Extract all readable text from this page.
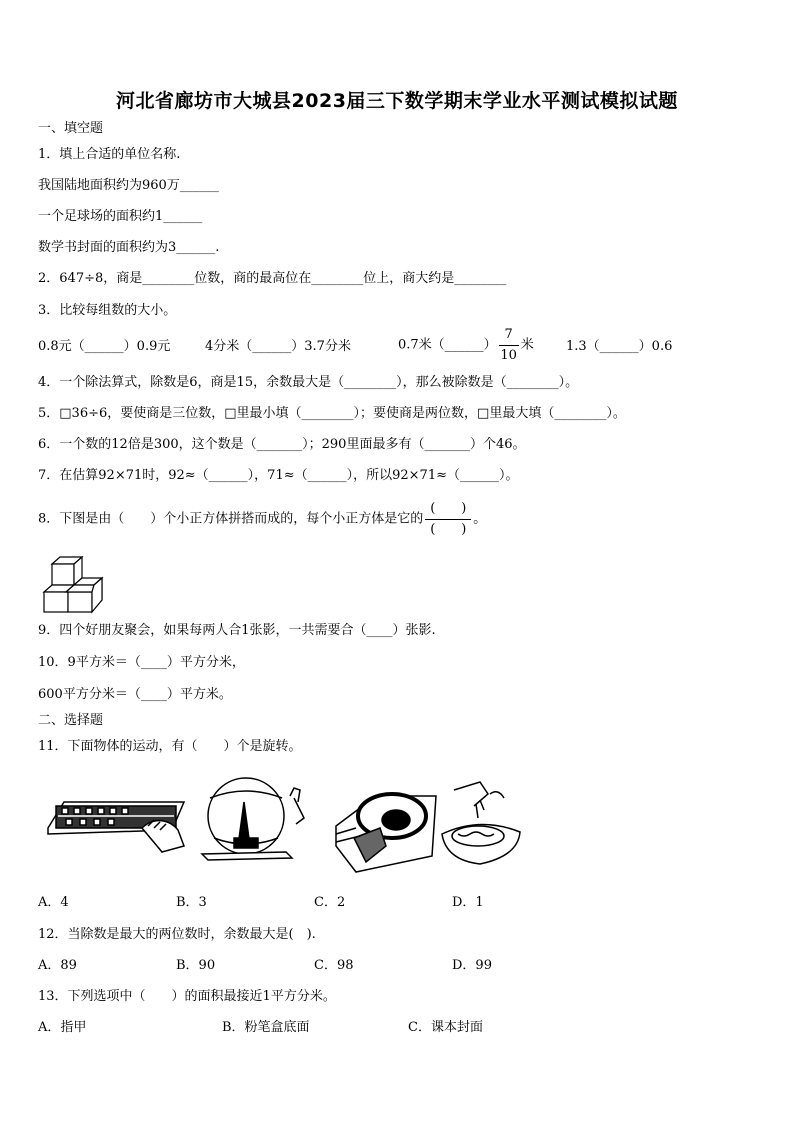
河北省廊坊市大城县2023届三下数学期末学业水平测试模拟试题
一、填空题
1．填上合适的单位名称.
我国陆地面积约为960万______
一个足球场的面积约1______
数学书封面的面积约为3______.
2．647÷8，商是________位数，商的最高位在________位上，商大约是________
3．比较每组数的大小。
0.8元（______）0.9元	4分米（______）3.7分米	0.7米（______） $\frac{7}{10}$ 米 1.3（______）0.6
4．一个除法算式，除数是6，商是15，余数最大是（________），那么被除数是（________）。
5．□36÷6，要使商是三位数，□里最小填（________）；要使商是两位数，□里最大填（________）。
6．一个数的12倍是300，这个数是（_______）；290里面最多有（_______）个46。
7．在估算92×71时，92≈（______），71≈（______），所以92×71≈（______）。
8．下图是由（　　）个小正方体拼搭而成的，每个小正方体是它的 $\frac{( )}{( )}$ 。
9．四个好朋友聚会，如果每两人合1张影，一共需要合（____）张影.
10．9平方米＝（____）平方分米，
600平方分米＝（____）平方米。
二、选择题
11．下面物体的运动，有（　　）个是旋转。
A．4	B．3	C．2	D．1
12．当除数是最大的两位数时，余数最大是(　).
A．89	B．90	C．98	D．99
13．下列选项中（　　）的面积最接近1平方分米。
A．指甲	B．粉笔盒底面	C．课本封面
